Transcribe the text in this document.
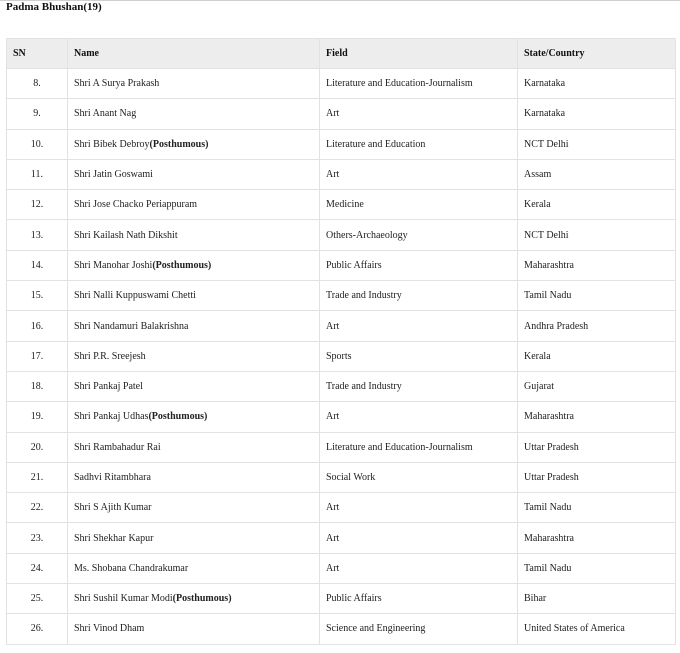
Padma Bhushan(19)
SN	Name	Field	State/Country
8.	Shri A Surya Prakash	Literature and Education-Journalism	Karnataka
9.	Shri Anant Nag	Art	Karnataka
10.	Shri Bibek Debroy(Posthumous)	Literature and Education	NCT Delhi
11.	Shri Jatin Goswami	Art	Assam
12.	Shri Jose Chacko Periappuram	Medicine	Kerala
13.	Shri Kailash Nath Dikshit	Others-Archaeology	NCT Delhi
14.	Shri Manohar Joshi(Posthumous)	Public Affairs	Maharashtra
15.	Shri Nalli Kuppuswami Chetti	Trade and Industry	Tamil Nadu
16.	Shri Nandamuri Balakrishna	Art	Andhra Pradesh
17.	Shri P.R. Sreejesh	Sports	Kerala
18.	Shri Pankaj Patel	Trade and Industry	Gujarat
19.	Shri Pankaj Udhas(Posthumous)	Art	Maharashtra
20.	Shri Rambahadur Rai	Literature and Education-Journalism	Uttar Pradesh
21.	Sadhvi Ritambhara	Social Work	Uttar Pradesh
22.	Shri S Ajith Kumar	Art	Tamil Nadu
23.	Shri Shekhar Kapur	Art	Maharashtra
24.	Ms. Shobana Chandrakumar	Art	Tamil Nadu
25.	Shri Sushil Kumar Modi(Posthumous)	Public Affairs	Bihar
26.	Shri Vinod Dham	Science and Engineering	United States of America
